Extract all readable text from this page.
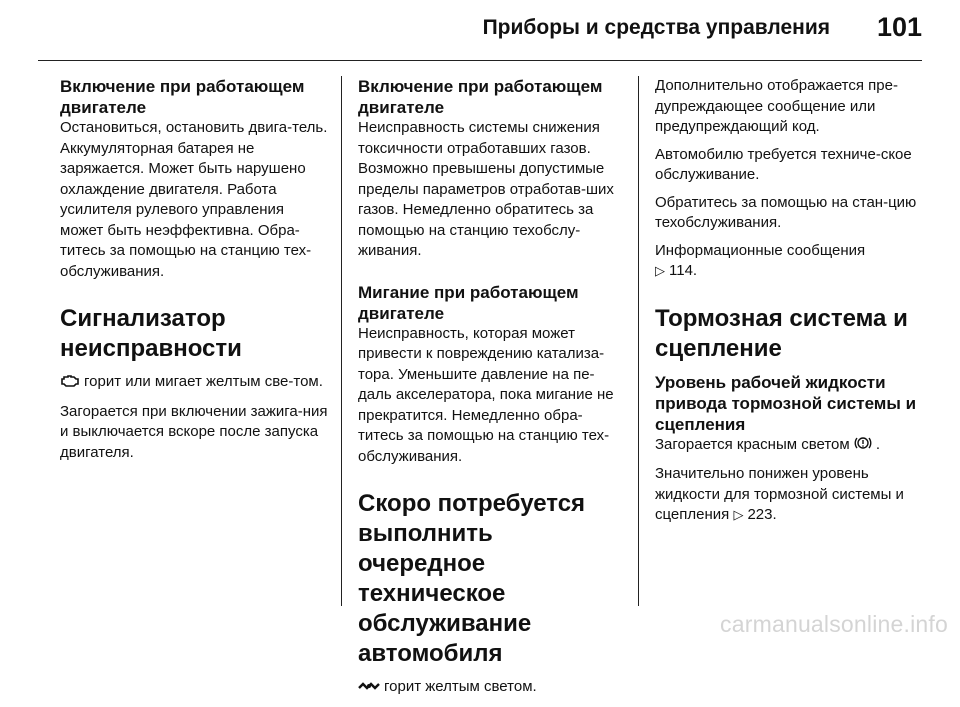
Приборы и средства управления 101
Включение при работающем двигателе
Остановиться, остановить двига-тель. Аккумуляторная батарея не заряжается. Может быть нарушено охлаждение двигателя. Работа усилителя рулевого управления может быть неэффективна. Обра-титесь за помощью на станцию тех-обслуживания.
Сигнализатор неисправности
горит или мигает желтым све-том.
Загорается при включении зажига-ния и выключается вскоре после запуска двигателя.
Включение при работающем двигателе
Неисправность системы снижения токсичности отработавших газов. Возможно превышены допустимые пределы параметров отработав-ших газов. Немедленно обратитесь за помощью на станцию техобслу-живания.
Мигание при работающем двигателе
Неисправность, которая может привести к повреждению катализа-тора. Уменьшите давление на пе-даль акселератора, пока мигание не прекратится. Немедленно обра-титесь за помощью на станцию тех-обслуживания.
Скоро потребуется выполнить очередное техническое обслуживание автомобиля
горит желтым светом.
Дополнительно отображается пре-дупреждающее сообщение или предупреждающий код.
Автомобилю требуется техниче-ское обслуживание.
Обратитесь за помощью на стан-цию техобслуживания.
Информационные сообщения
▷ 114.
Тормозная система и сцепление
Уровень рабочей жидкости привода тормозной системы и сцепления
Загорается красным светом .
Значительно понижен уровень жидкости для тормозной системы и сцепления ▷ 223.
carmanualsonline.info
